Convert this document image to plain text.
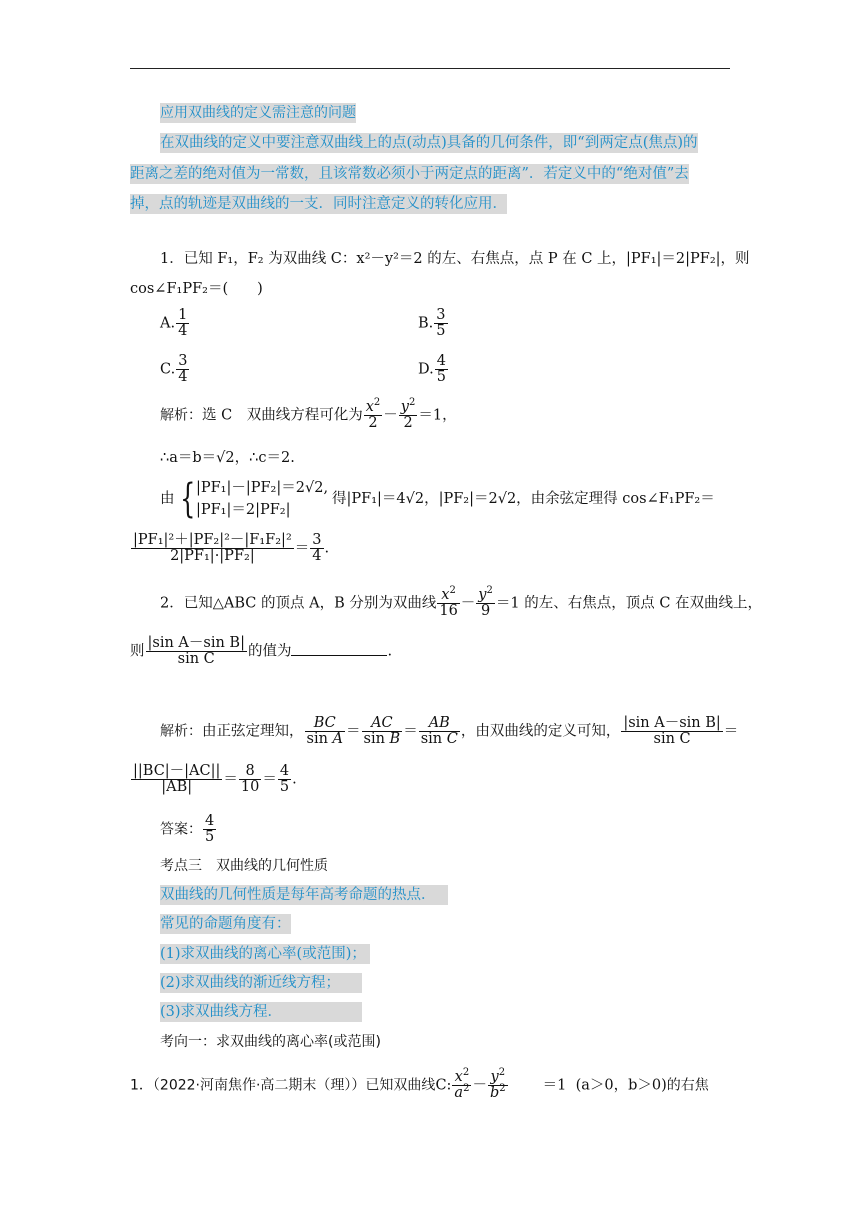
应用双曲线的定义需注意的问题
在双曲线的定义中要注意双曲线上的点(动点)具备的几何条件，即“到两定点(焦点)的
距离之差的绝对值为一常数，且该常数必须小于两定点的距离”．若定义中的“绝对值”去
掉，点的轨迹是双曲线的一支．同时注意定义的转化应用．
1．已知 F₁，F₂ 为双曲线 C：x²－y²＝2 的左、右焦点，点 P 在 C 上，|PF₁|＝2|PF₂|，则
cos∠F₁PF₂＝(　　)
A. $\frac{1}{4}$	B. $\frac{3}{5}$
C. $\frac{3}{4}$	D. $\frac{4}{5}$
解析：选 C　双曲线方程可化为 $\frac{x^2}{2} - \frac{y^2}{2} =1$，
∴a＝b＝√2，∴c＝2.
由 {|PF₁|－|PF₂|＝2√2,
|PF₁|＝2|PF₂|
得|PF₁|＝4√2，|PF₂|＝2√2，由余弦定理得 cos∠F₁PF₂＝
$\frac{\text{|PF₁|²＋|PF₂|²－|F₁F₂|²}}{\text{2|PF₁|·|PF₂|}} = \frac{3}{4}$ .
2．已知△ABC 的顶点 A，B 分别为双曲线 $\frac{x^2}{16} - \frac{y^2}{9} =1$ 的左、右焦点，顶点 C 在双曲线上，
则 $\frac{\text{|sin A－sin B|}}{\text{sin C}}$ 的值为	.
解析：由正弦定理知， $\frac{BC}{\text{sin A}} = \frac{AC}{\text{sin B}} = \frac{AB}{\text{sin C}}$ ，由双曲线的定义可知， $\frac{\text{|sin A－sin B|}}{\text{sin C}}$ ＝
$\frac{||BC|-|AC||}{|AB|} = \frac{8}{10} = \frac{4}{5}$ .
答案： $\frac{4}{5}$
考点三　双曲线的几何性质
双曲线的几何性质是每年高考命题的热点．
常见的命题角度有：
(1)求双曲线的离心率(或范围)；
(2)求双曲线的渐近线方程；
(3)求双曲线方程．
考向一：求双曲线的离心率(或范围)
1．（2022·河南焦作·高二期末（理））已知双曲线C: $\frac{x^2}{a^2} - \frac{y^2}{b^2} =1$ (a＞0，b＞0)的右焦
